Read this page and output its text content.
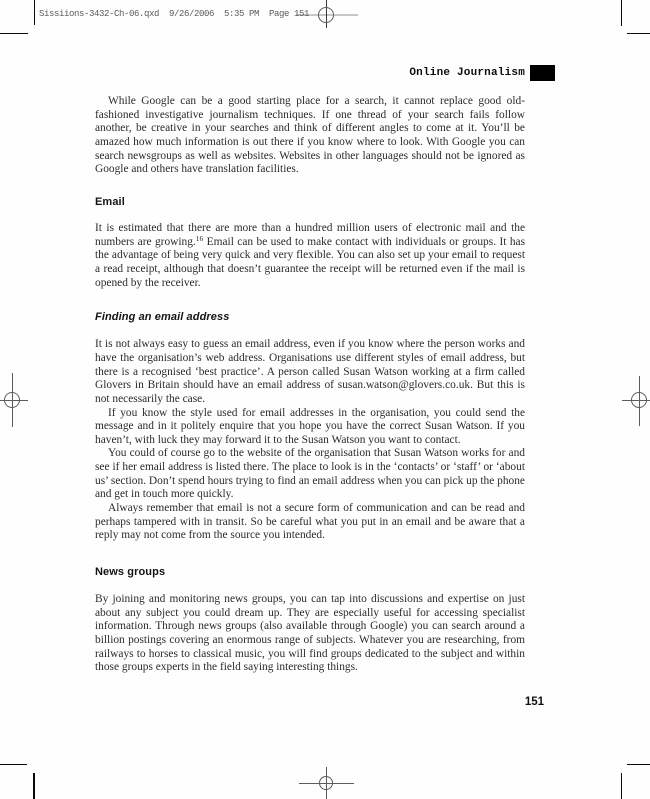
Sissiions-3432-Ch-06.qxd  9/26/2006  5:35 PM  Page 151
Online Journalism

While Google can be a good starting place for a search, it cannot replace good old-fashioned investigative journalism techniques. If one thread of your search fails follow another, be creative in your searches and think of different angles to come at it. You’ll be amazed how much information is out there if you know where to look. With Google you can search newsgroups as well as websites. Websites in other languages should not be ignored as Google and others have translation facilities.

Email

It is estimated that there are more than a hundred million users of electronic mail and the numbers are growing.$^{16}$ Email can be used to make contact with individuals or groups. It has the advantage of being very quick and very flexible. You can also set up your email to request a read receipt, although that doesn’t guarantee the receipt will be returned even if the mail is opened by the receiver.

Finding an email address

It is not always easy to guess an email address, even if you know where the person works and have the organisation’s web address. Organisations use different styles of email address, but there is a recognised ‘best practice’. A person called Susan Watson working at a firm called Glovers in Britain should have an email address of susan.watson@glovers.co.uk. But this is not necessarily the case.

If you know the style used for email addresses in the organisation, you could send the message and in it politely enquire that you hope you have the correct Susan Watson. If you haven’t, with luck they may forward it to the Susan Watson you want to contact.

You could of course go to the website of the organisation that Susan Watson works for and see if her email address is listed there. The place to look is in the ‘contacts’ or ‘staff’ or ‘about us’ section. Don’t spend hours trying to find an email address when you can pick up the phone and get in touch more quickly.

Always remember that email is not a secure form of communication and can be read and perhaps tampered with in transit. So be careful what you put in an email and be aware that a reply may not come from the source you intended.

News groups

By joining and monitoring news groups, you can tap into discussions and expertise on just about any subject you could dream up. They are especially useful for accessing specialist information. Through news groups (also available through Google) you can search around a billion postings covering an enormous range of subjects. Whatever you are researching, from railways to horses to classical music, you will find groups dedicated to the subject and within those groups experts in the field saying interesting things.

151
